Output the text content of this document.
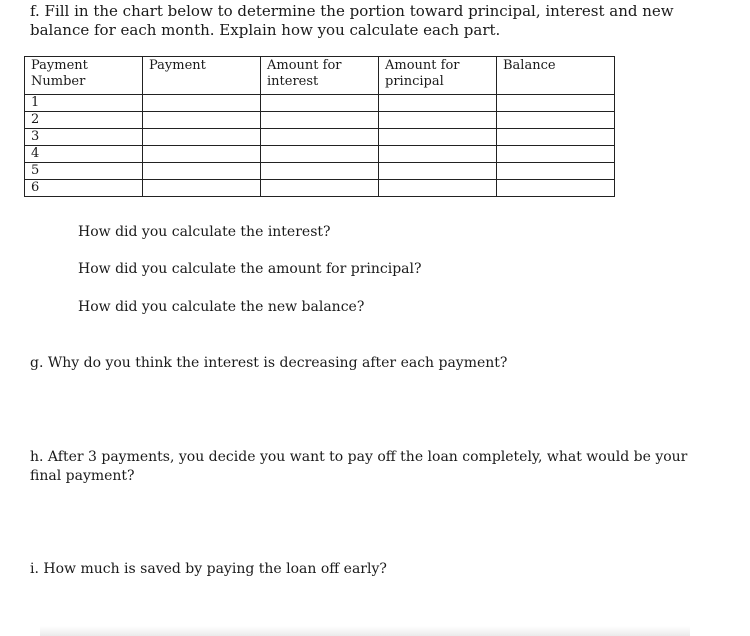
f. Fill in the chart below to determine the portion toward principal, interest and new balance for each month. Explain how you calculate each part.
Payment Number	Payment	Amount for interest	Amount for principal	Balance
1				
2				
3				
4				
5				
6				
How did you calculate the interest?
How did you calculate the amount for principal?
How did you calculate the new balance?
g. Why do you think the interest is decreasing after each payment?
h. After 3 payments, you decide you want to pay off the loan completely, what would be your final payment?
i. How much is saved by paying the loan off early?
